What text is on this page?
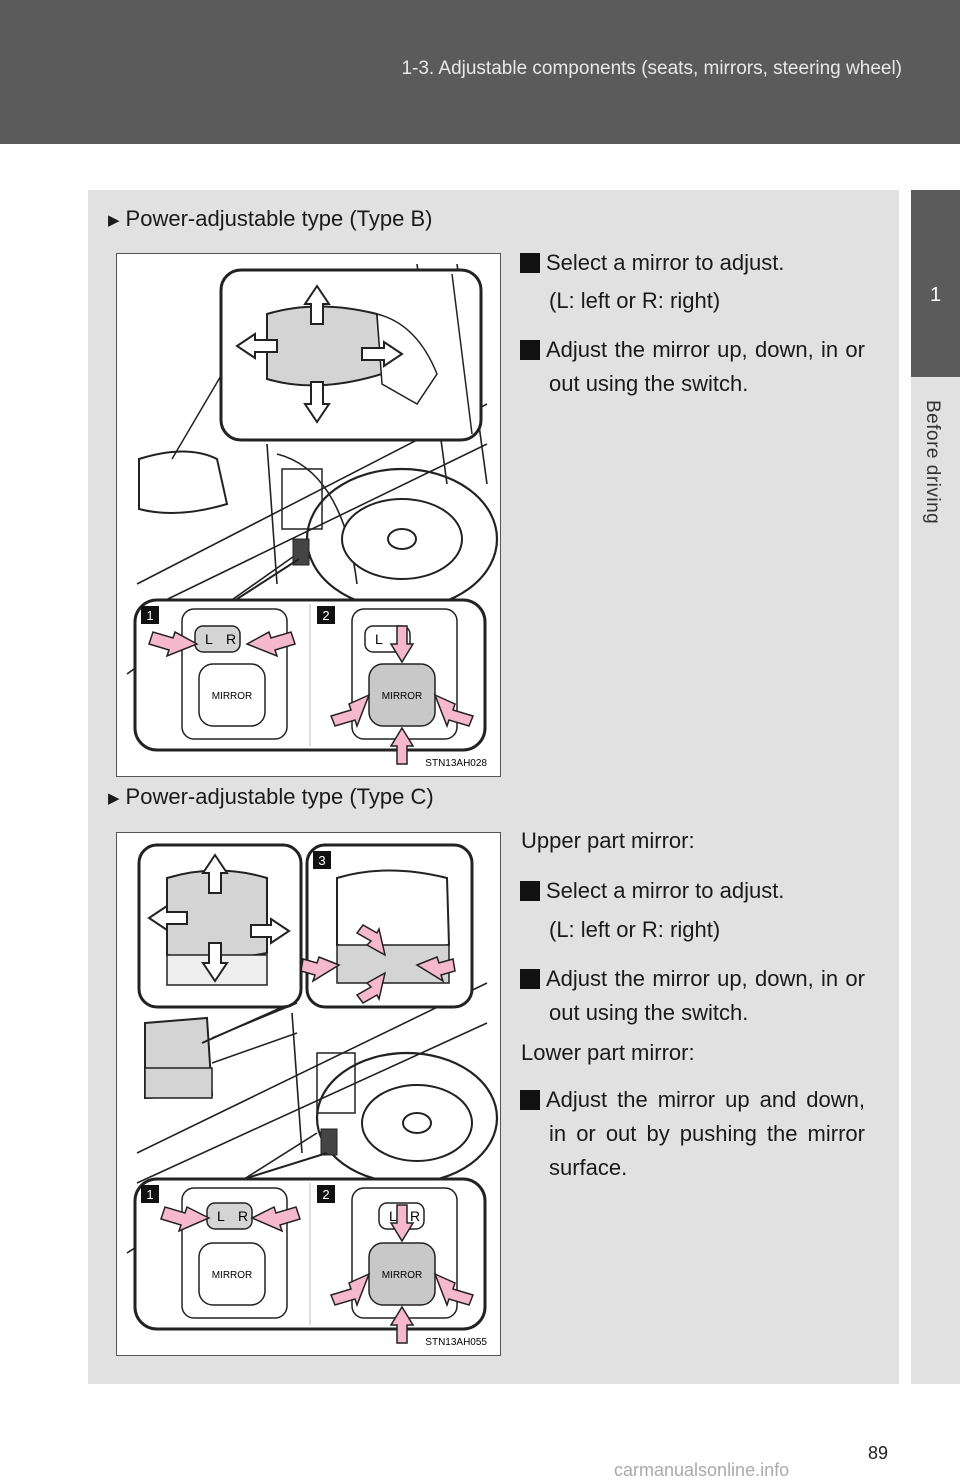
1-3. Adjustable components (seats, mirrors, steering wheel)
1
Before driving
▶ Power-adjustable type (Type B)
1	2
L R
MIRROR
L
MIRROR
STN13AH028
Select a mirror to adjust.
(L: left or R: right)
Adjust the mirror up, down, in or out using the switch.
▶ Power-adjustable type (Type C)
3
1	2
L R
MIRROR
L R
MIRROR
STN13AH055
Upper part mirror:
Select a mirror to adjust.
(L: left or R: right)
Adjust the mirror up, down, in or out using the switch.
Lower part mirror:
Adjust the mirror up and down, in or out by pushing the mirror surface.
89
carmanualsonline.info
